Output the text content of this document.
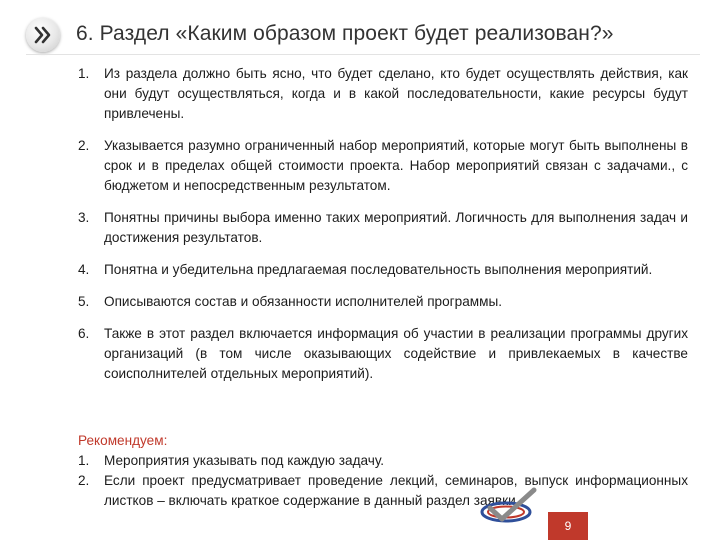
6. Раздел «Каким образом проект будет реализован?»
1.	Из раздела должно быть ясно, что будет сделано, кто будет осуществлять действия, как они будут осуществляться, когда и в какой последовательности, какие ресурсы будут привлечены.
2.	Указывается разумно ограниченный набор мероприятий, которые могут быть выполнены в срок и в пределах общей стоимости проекта. Набор мероприятий связан с задачами., с бюджетом и непосредственным результатом.
3.	Понятны причины выбора именно таких мероприятий. Логичность для выполнения задач и достижения результатов.
4.	Понятна и убедительна предлагаемая последовательность выполнения мероприятий.
5.	Описываются состав и обязанности исполнителей программы.
6.	Также в этот раздел включается информация об участии в реализации программы других организаций (в том числе оказывающих содействие и привлекаемых в качестве соисполнителей отдельных мероприятий).
Рекомендуем:
1.	Мероприятия указывать под каждую задачу.
2.	Если проект предусматривает проведение лекций, семинаров, выпуск информационных листков – включать краткое содержание в данный раздел заявки.
9
